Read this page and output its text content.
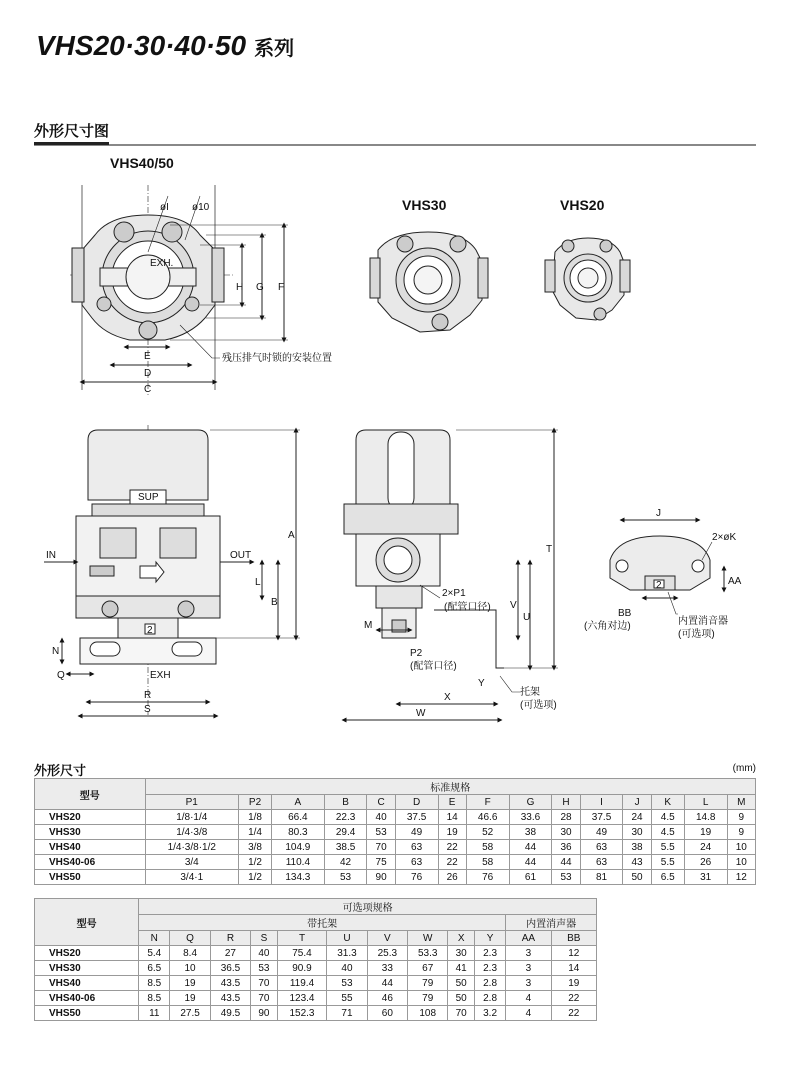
VHS20·30·40·50 系列
外形尺寸图
VHS40/50
EXH.
H G F
øI ø10
E
D
C
残压排气时锁的安装位置
VHS30	VHS20
SUP
2
IN	OUT
A
L
B
N
Q	EXH
R
S
T
U
V
2×P1
(配管口径)
M
P2
(配管口径)
X
W
Y
托架
(可选项)
2
J
2×øK
AA
BB
(六角对边)	内置消音器
(可选项)
外形尺寸	(mm)
型号	标准规格														
	P1	P2	A	B	C	D	E	F	G	H	I	J	K	L	M
VHS20	1/8·1/4	1/8	66.4	22.3	40	37.5	14	46.6	33.6	28	37.5	24	4.5	14.8	9
VHS30	1/4·3/8	1/4	80.3	29.4	53	49	19	52	38	30	49	30	4.5	19	9
VHS40	1/4·3/8·1/2	3/8	104.9	38.5	70	63	22	58	44	36	63	38	5.5	24	10
VHS40-06	3/4	1/2	110.4	42	75	63	22	58	44	44	63	43	5.5	26	10
VHS50	3/4·1	1/2	134.3	53	90	76	26	76	61	53	81	50	6.5	31	12
型号	可选项规格											
	带托架										内置消声器	
	N	Q	R	S	T	U	V	W	X	Y	AA	BB
VHS20	5.4	8.4	27	40	75.4	31.3	25.3	53.3	30	2.3	3	12
VHS30	6.5	10	36.5	53	90.9	40	33	67	41	2.3	3	14
VHS40	8.5	19	43.5	70	119.4	53	44	79	50	2.8	3	19
VHS40-06	8.5	19	43.5	70	123.4	55	46	79	50	2.8	4	22
VHS50	11	27.5	49.5	90	152.3	71	60	108	70	3.2	4	22
